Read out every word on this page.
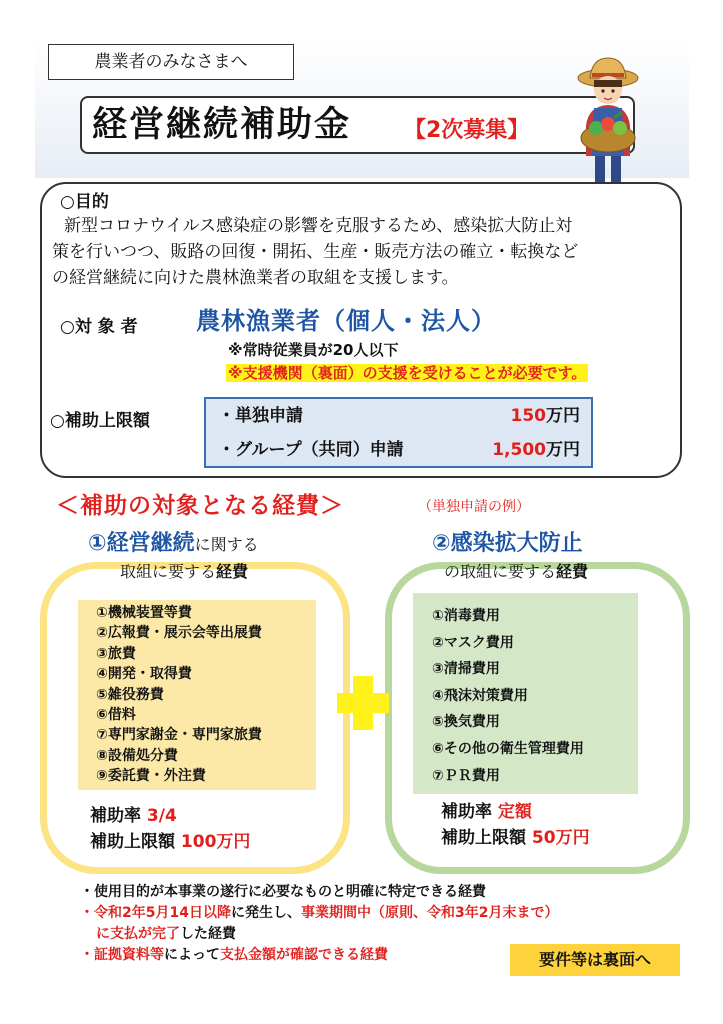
農業者のみなさまへ
経営継続補助金 【2次募集】
○目的
新型コロナウイルス感染症の影響を克服するため、感染拡大防止対
策を行いつつ、販路の回復・開拓、生産・販売方法の確立・転換など
の経営継続に向けた農林漁業者の取組を支援します。
○対 象 者 農林漁業者（個人・法人）
※常時従業員が20人以下
※支援機関（裏面）の支援を受けることが必要です。
○補助上限額	・単独申請	150万円
・グループ（共同）申請	1,500万円
＜補助の対象となる経費＞	（単独申請の例）
①経営継続に関する
取組に要する経費
②感染拡大防止
の取組に要する経費
①機械装置等費
②広報費・展示会等出展費
③旅費
④開発・取得費
⑤雑役務費
⑥借料
⑦専門家謝金・専門家旅費
⑧設備処分費
⑨委託費・外注費
①消毒費用
②マスク費用
③清掃費用
④飛沫対策費用
⑤換気費用
⑥その他の衛生管理費用
⑦ＰＲ費用
補助率 3/4
補助上限額 100万円
補助率 定額
補助上限額 50万円
・使用目的が本事業の遂行に必要なものと明確に特定できる経費
・令和2年5月14日以降に発生し、事業期間中（原則、令和3年2月末まで）
に支払が完了した経費
・証拠資料等によって支払金額が確認できる経費	要件等は裏面へ
